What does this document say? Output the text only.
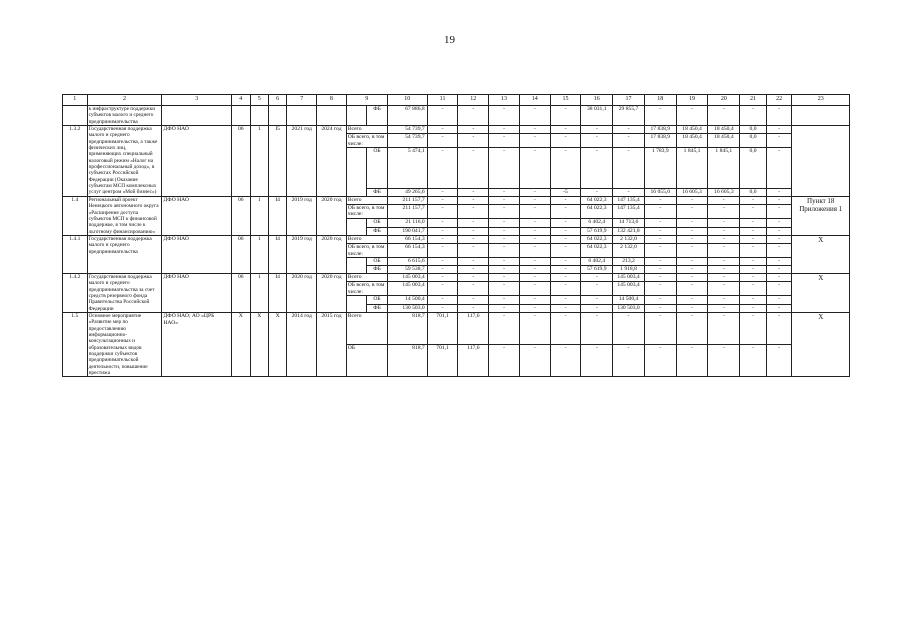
19
1	2	3	4	5	6	7	8	9		10	11	12	13	14	15	16	17	18	19	20	21	22	23
	к инфраструктуре поддержки субъектов малого и среднего предпринимательства								ФБ	67 886,8	-	-	-	-	-	38 031,1	29 855,7	-	-	-	-	-	
1.3.2	Государственная поддержка малого и среднего предпринимательства, а также физических лиц, применяющих специальный налоговый режим «Налог на профессиональный доход», в субъектах Российской Федерации (Оказание субъектам МСП комплексных услуг центром «Мой бизнес»)	ДФО НАО	06	1	I5	2021 год	2024 год	Всего		54 739,7	-	-	-	-	-	-	-	17 838,9	18 450,4	18 450,4	0,0	-	
								ОБ всего, в том числе:		54 739,7	-	-	-	-	-	-	-	17 838,9	18 450,4	18 450,4	0,0	-	
									ОБ	5 474,1	-	-	-	-	-	-	-	1 783,9	1 845,1	1 845,1	0,0	-	
									ФБ	49 265,6	-	-	-	-	-5	-	-	16 055,0	16 605,3	16 605,3	0,0	-	
1.4	Региональный проект Ненецкого автономного округа «Расширение доступа субъектов МСП к финансовой поддержке, в том числе к льготному финансированию»	ДФО НАО	06	1	I4	2019 год	2020 год	Всего		211 157,7	-	-	-	-	-	64 022,3	147 135,4	-	-	-	-	-	Пункт 18 Приложения 1
								ОБ всего, в том числе:		211 157,7	-	-	-	-	-	64 022,3	147 135,4	-	-	-	-	-	
									ОБ	21 116,0	-	-	-	-	-	6 402,4	14 713,6	-	-	-	-	-	
									ФБ	190 041,7	-	-	-	-	-	57 619,9	132 421,8	-	-	-	-	-	
1.4.1	Государственная поддержка малого и среднего предпринимательства	ДФО НАО	06	1	I4	2019 год	2020 год	Всего		66 154,3	-	-	-	-	-	64 022,3	2 132,0	-	-	-	-	-	X
								ОБ всего, в том числе:		66 154,3	-	-	-	-	-	64 022,3	2 132,0	-	-	-	-	-	
									ОБ	6 615,6	-	-	-	-	-	6 402,4	213,2	-	-	-	-	-	
									ФБ	59 538,7	-	-	-	-	-	57 619,9	1 918,8	-	-	-	-	-	
1.4.2	Государственная поддержка малого и среднего предпринимательства за счет средств резервного фонда Правительства Российской Федерации	ДФО НАО	06	1	I4	2020 год	2020 год	Всего		145 003,4	-	-	-	-	-	-	145 003,4	-	-	-	-	-	X
								ОБ всего, в том числе:		145 003,4	-	-	-	-	-	-	145 003,4	-	-	-	-	-	
									ОБ	14 500,4	-	-	-	-	-	-	14 500,4	-	-	-	-	-	
									ФБ	130 503,0	-	-	-	-	-	-	130 503,0	-	-	-	-	-	
1.5	Основное мероприятие «Развитие мер по предоставлению информационно-консультационных и образовательных видов поддержки субъектов предпринимательской деятельности, повышение престижа	ДФО НАО; АО «ЦРБ НАО»	X	X	X	2014 год	2015 год	Всего		818,7	701,1	117,6	-	-	-	-	-	-	-	-	-	-	X
								ОБ		818,7	701,1	117,6	-	-	-	-	-	-	-	-	-	-	
